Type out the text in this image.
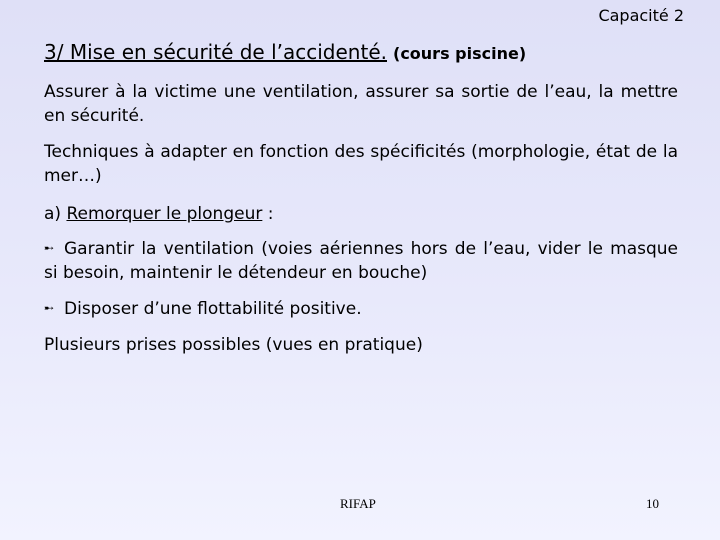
Capacité 2
3/ Mise en sécurité de l’accidenté. (cours piscine)
Assurer à la victime une ventilation, assurer sa sortie de l’eau, la mettre en sécurité.
Techniques à adapter en fonction des spécificités (morphologie, état de la mer…)
a) Remorquer le plongeur :
➸ Garantir la ventilation (voies aériennes hors de l’eau, vider le masque si besoin, maintenir le détendeur en bouche)
➸ Disposer d’une flottabilité positive.
Plusieurs prises possibles (vues en pratique)
RIFAP	10
